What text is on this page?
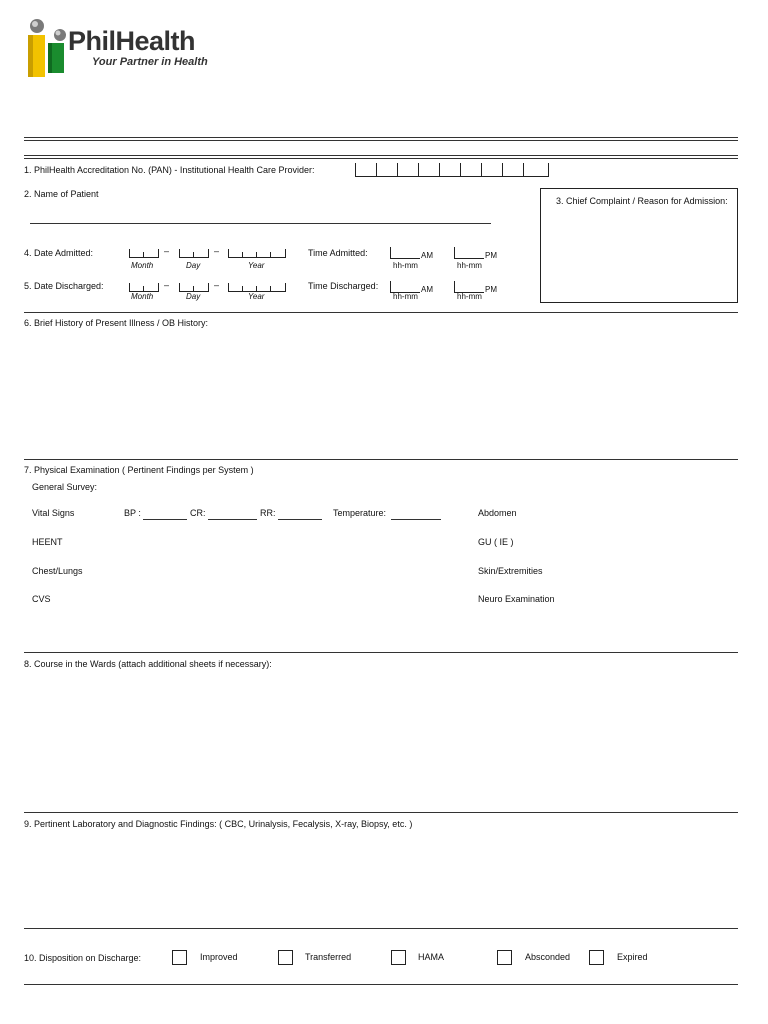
PhilHealth
Your Partner in Health
1. PhilHealth Accreditation No. (PAN) - Institutional Health Care Provider:
2. Name of Patient
3. Chief Complaint / Reason for Admission:
4. Date Admitted:	–	–
Month	Day	Year
Time Admitted:	AM	PM
hh-mm	hh-mm
5. Date Discharged:	–	–
Month	Day	Year
Time Discharged:	AM	PM
hh-mm	hh-mm
6. Brief History of Present Illness / OB History:
7. Physical Examination ( Pertinent Findings per System )
General Survey:
Vital Signs	BP :	CR:	RR:	Temperature:	Abdomen
HEENT	GU ( IE )
Chest/Lungs	Skin/Extremities
CVS	Neuro Examination
8. Course in the Wards (attach additional sheets if necessary):
9. Pertinent Laboratory and Diagnostic Findings: ( CBC, Urinalysis, Fecalysis, X-ray, Biopsy, etc. )
10. Disposition on Discharge:	Improved	Transferred	HAMA	Absconded	Expired
